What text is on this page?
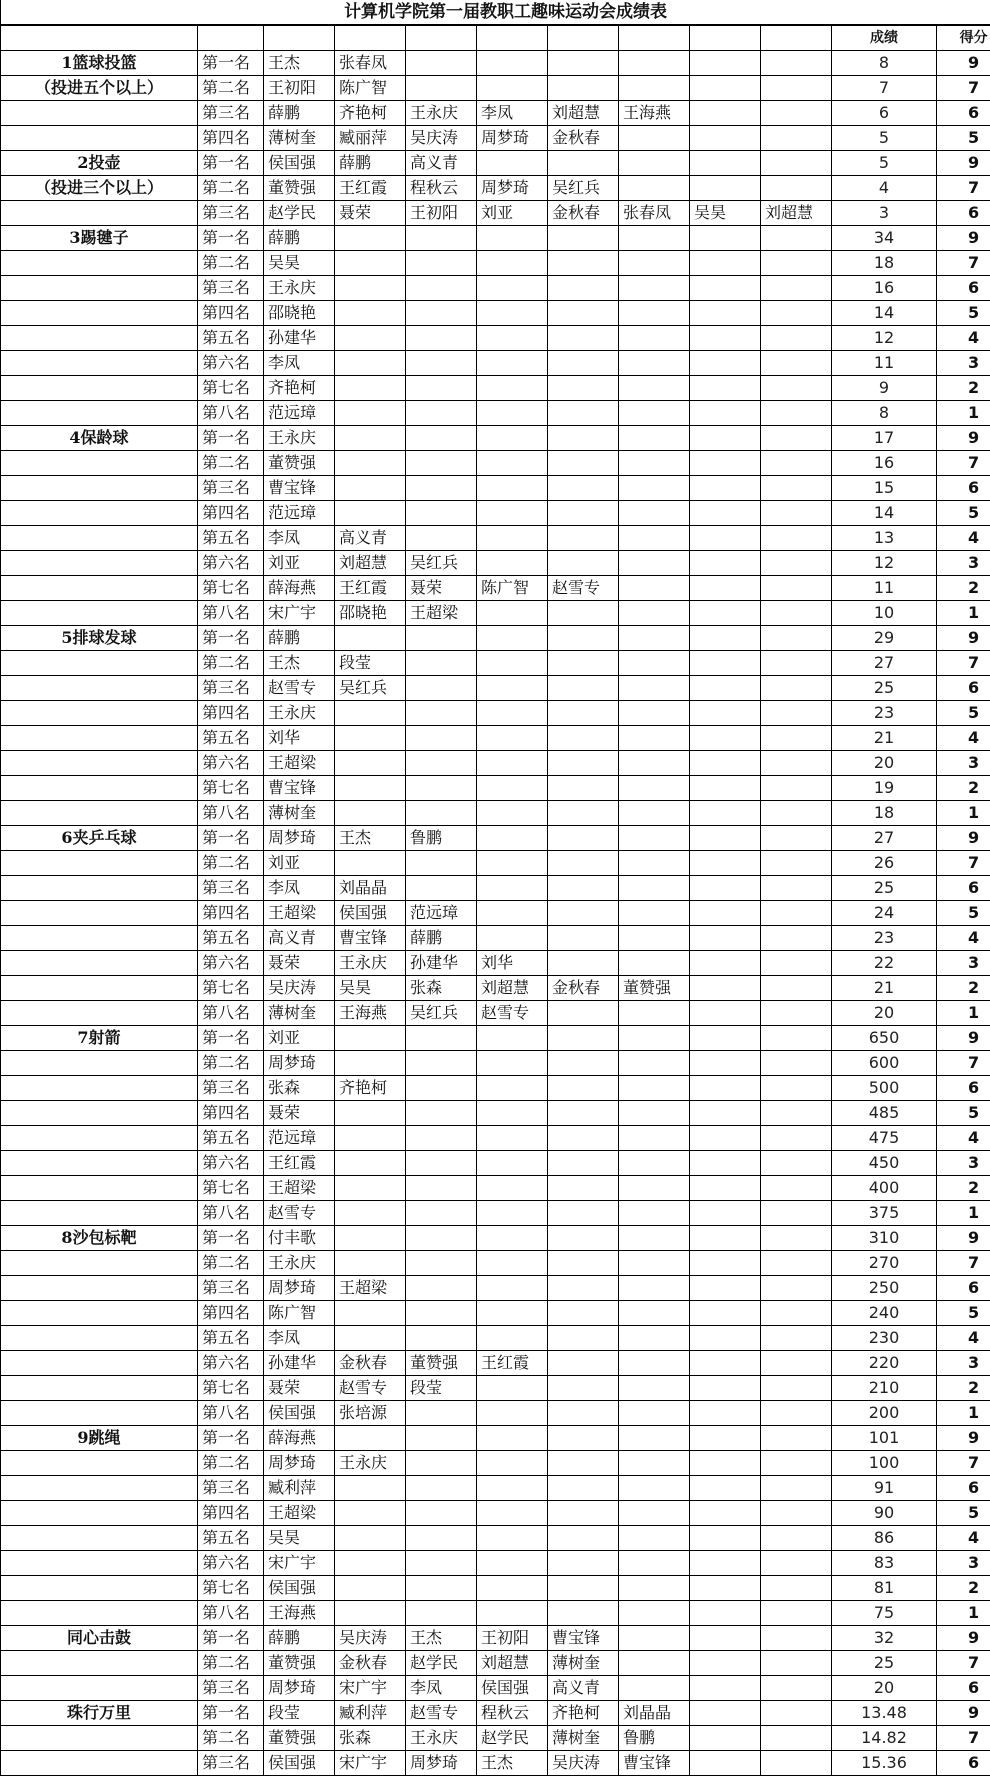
计算机学院第一届教职工趣味运动会成绩表											
										成绩	得分
1篮球投篮	第一名	王杰	张春凤							8	9
（投进五个以上）	第二名	王初阳	陈广智							7	7
	第三名	薛鹏	齐艳柯	王永庆	李凤	刘超慧	王海燕			6	6
	第四名	薄树奎	臧丽萍	吴庆涛	周梦琦	金秋春				5	5
2投壶	第一名	侯国强	薛鹏	高义青						5	9
（投进三个以上）	第二名	董赞强	王红霞	程秋云	周梦琦	吴红兵				4	7
	第三名	赵学民	聂荣	王初阳	刘亚	金秋春	张春凤	吴昊	刘超慧	3	6
3踢毽子	第一名	薛鹏								34	9
	第二名	吴昊								18	7
	第三名	王永庆								16	6
	第四名	邵晓艳								14	5
	第五名	孙建华								12	4
	第六名	李凤								11	3
	第七名	齐艳柯								9	2
	第八名	范远璋								8	1
4保龄球	第一名	王永庆								17	9
	第二名	董赞强								16	7
	第三名	曹宝锋								15	6
	第四名	范远璋								14	5
	第五名	李凤	高义青							13	4
	第六名	刘亚	刘超慧	吴红兵						12	3
	第七名	薛海燕	王红霞	聂荣	陈广智	赵雪专				11	2
	第八名	宋广宇	邵晓艳	王超梁						10	1
5排球发球	第一名	薛鹏								29	9
	第二名	王杰	段莹							27	7
	第三名	赵雪专	吴红兵							25	6
	第四名	王永庆								23	5
	第五名	刘华								21	4
	第六名	王超梁								20	3
	第七名	曹宝锋								19	2
	第八名	薄树奎								18	1
6夹乒乓球	第一名	周梦琦	王杰	鲁鹏						27	9
	第二名	刘亚								26	7
	第三名	李凤	刘晶晶							25	6
	第四名	王超梁	侯国强	范远璋						24	5
	第五名	高义青	曹宝锋	薛鹏						23	4
	第六名	聂荣	王永庆	孙建华	刘华					22	3
	第七名	吴庆涛	吴昊	张森	刘超慧	金秋春	董赞强			21	2
	第八名	薄树奎	王海燕	吴红兵	赵雪专					20	1
7射箭	第一名	刘亚								650	9
	第二名	周梦琦								600	7
	第三名	张森	齐艳柯							500	6
	第四名	聂荣								485	5
	第五名	范远璋								475	4
	第六名	王红霞								450	3
	第七名	王超梁								400	2
	第八名	赵雪专								375	1
8沙包标靶	第一名	付丰歌								310	9
	第二名	王永庆								270	7
	第三名	周梦琦	王超梁							250	6
	第四名	陈广智								240	5
	第五名	李凤								230	4
	第六名	孙建华	金秋春	董赞强	王红霞					220	3
	第七名	聂荣	赵雪专	段莹						210	2
	第八名	侯国强	张培源							200	1
9跳绳	第一名	薛海燕								101	9
	第二名	周梦琦	王永庆							100	7
	第三名	臧利萍								91	6
	第四名	王超梁								90	5
	第五名	吴昊								86	4
	第六名	宋广宇								83	3
	第七名	侯国强								81	2
	第八名	王海燕								75	1
同心击鼓	第一名	薛鹏	吴庆涛	王杰	王初阳	曹宝锋				32	9
	第二名	董赞强	金秋春	赵学民	刘超慧	薄树奎				25	7
	第三名	周梦琦	宋广宇	李凤	侯国强	高义青				20	6
珠行万里	第一名	段莹	臧利萍	赵雪专	程秋云	齐艳柯	刘晶晶			13.48	9
	第二名	董赞强	张森	王永庆	赵学民	薄树奎	鲁鹏			14.82	7
	第三名	侯国强	宋广宇	周梦琦	王杰	吴庆涛	曹宝锋			15.36	6
